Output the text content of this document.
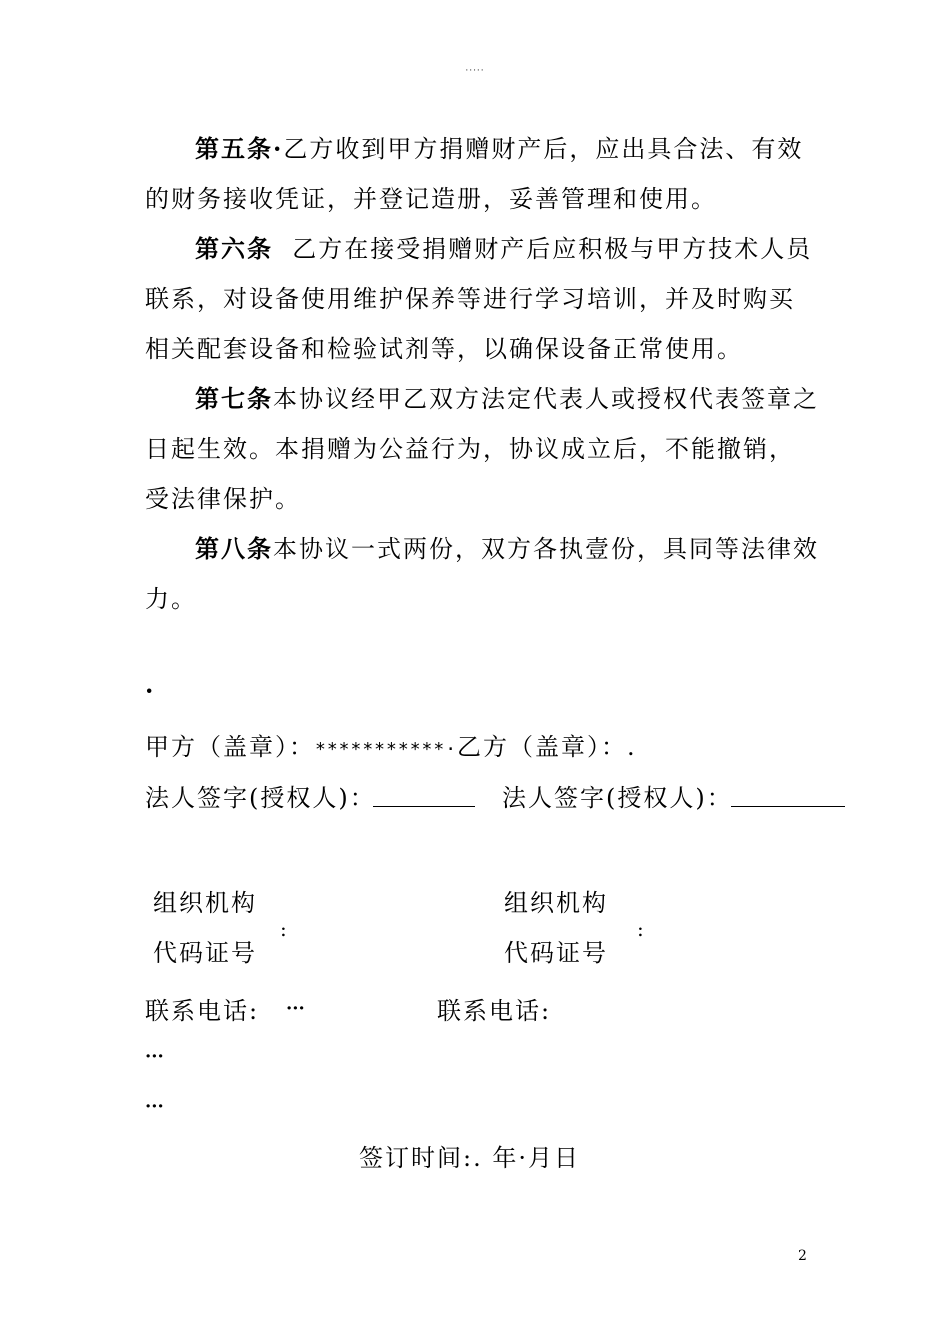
·····
第五条·乙方收到甲方捐赠财产后，应出具合法、有效
的财务接收凭证，并登记造册，妥善管理和使用。
第六条  乙方在接受捐赠财产后应积极与甲方技术人员
联系，对设备使用维护保养等进行学习培训，并及时购买
相关配套设备和检验试剂等，以确保设备正常使用。
第七条本协议经甲乙双方法定代表人或授权代表签章之
日起生效。本捐赠为公益行为，协议成立后，不能撤销，
受法律保护。
第八条本协议一式两份，双方各执壹份，具同等法律效
力。
·
甲方（盖章）：***********·乙方（盖章）：.
法人签字(授权人)：	法人签字(授权人)：
组织机构
代码证号
:
组织机构
代码证号
:
联系电话: ···	联系电话:
···
···
签订时间:. 年·月日
2
